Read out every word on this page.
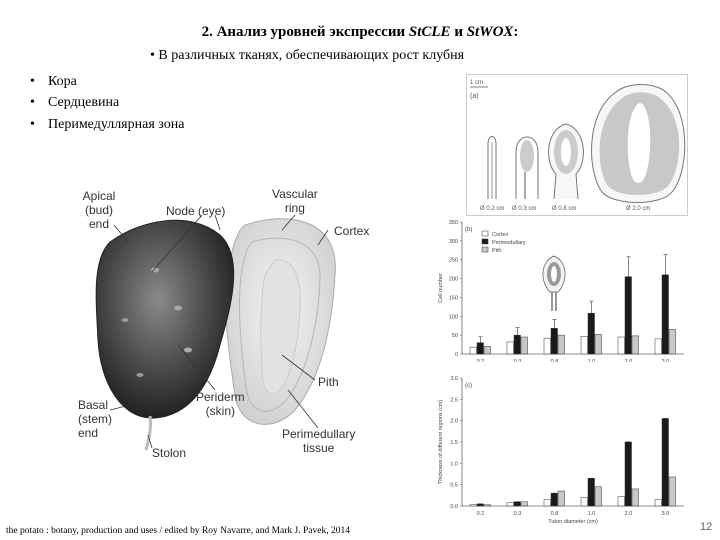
2. Анализ уровней экспрессии StCLE и StWOX:
• В различных тканях, обеспечивающих рост клубня
• Кора
• Сердцевина
• Перимедуллярная зона
Apical
(bud)
end
Node (eye)
Vascular
ring
Cortex
Pith
Periderm
(skin)
Basal
(stem)
end
Stolon
Perimedullary
tissue
1 cm
(a)
Ø 0.2 cm Ø 0.3 cm	Ø 0.8 cm	Ø 2.0 cm
0
50
100
150
200
250
300
350
Cell number
(b)
0.2	0.3	0.8	1.0	2.0	3.0
Cortex
Perimedullary
Pith
0.0
0.5
1.0
1.5
2.0
2.5
3.0
Thickness of different regions (cm)
(c)
0.2	0.3	0.8	1.0	2.0	3.0
Tuber diameter (cm)
the potato : botany, production and uses / edited by Roy Navarre, and Mark J. Pavek, 2014	12
